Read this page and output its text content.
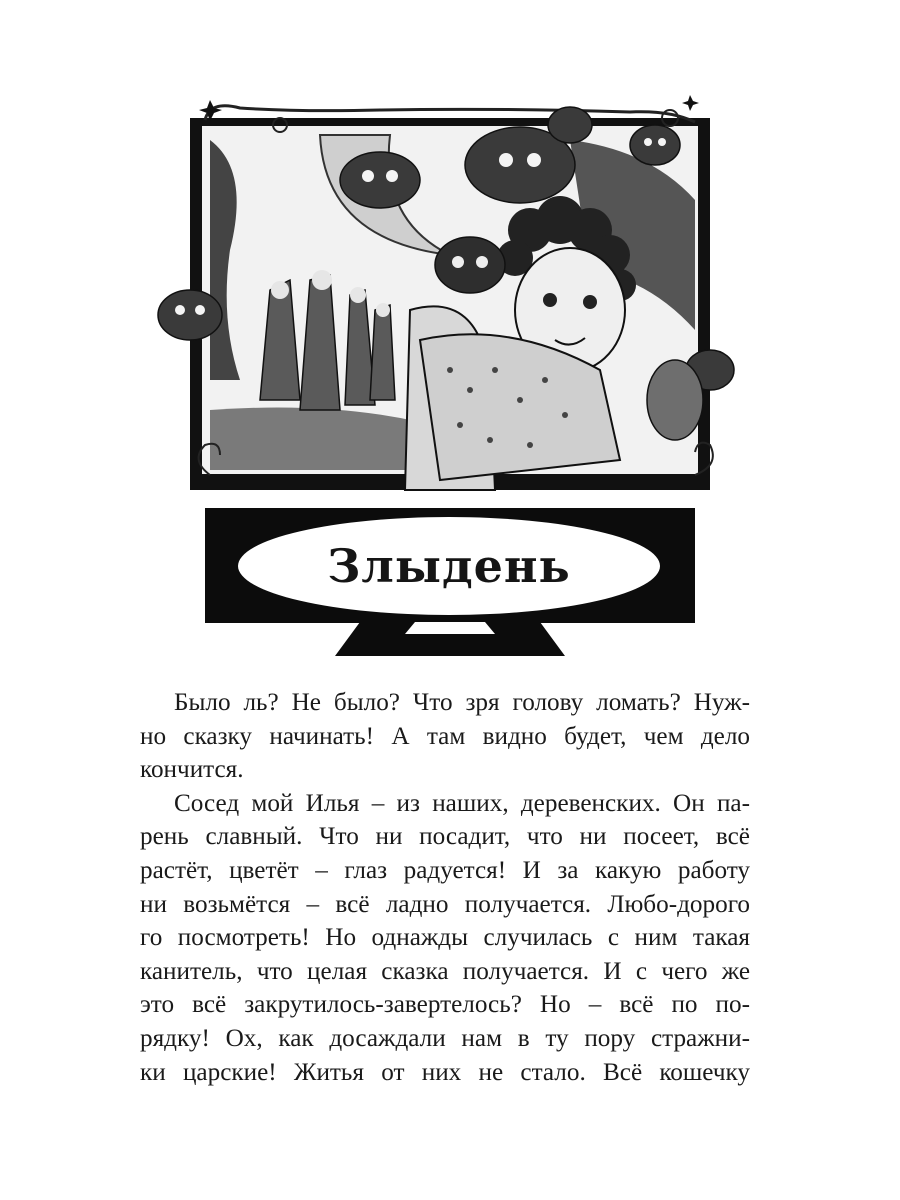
Злыдень

Было ль? Не было? Что зря голову ломать? Нуж-
но сказку начинать! А там видно будет, чем дело
кончится.

Сосед мой Илья – из наших, деревенских. Он па-
рень славный. Что ни посадит, что ни посеет, всё
растёт, цветёт – глаз радуется! И за какую работу
ни возьмётся – всё ладно получается. Любо-дорого
го посмотреть! Но однажды случилась с ним такая
канитель, что целая сказка получается. И с чего же
это всё закрутилось-завертелось? Но – всё по по-
рядку! Ох, как досаждали нам в ту пору стражни-
ки царские! Житья от них не стало. Всё кошечку
